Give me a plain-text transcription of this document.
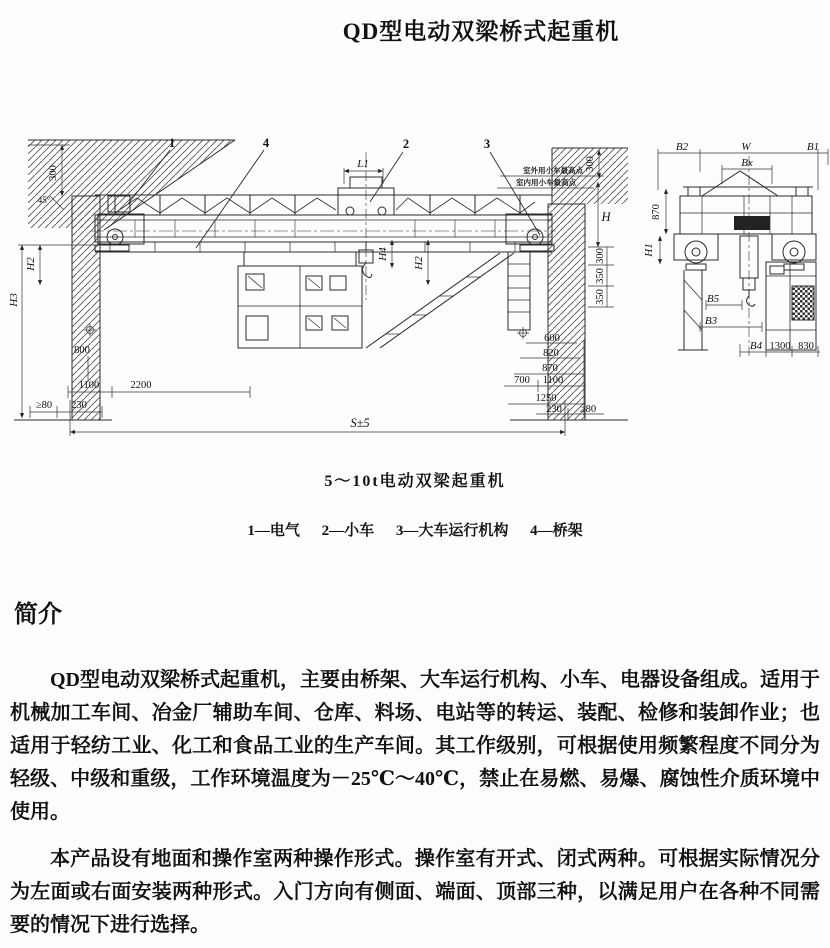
QD型电动双梁桥式起重机
1	4	2	3
L1
300
45°
H2
H3
H4
H2
800
1100	2200
≥80 230
S±5
室外用小车最高点
室内用小车最高点
300
H
300
350
350
600
820
870
700 1100
1250
230 ≥80
B2	W	B1
Bx
870
H1
B5
B3
B4 1300 830
5～10t电动双梁起重机
1—电气 2—小车 3—大车运行机构 4—桥架
简介

QD型电动双梁桥式起重机，主要由桥架、大车运行机构、小车、电器设备组成。适用于机械加工车间、冶金厂辅助车间、仓库、料场、电站等的转运、装配、检修和装卸作业；也适用于轻纺工业、化工和食品工业的生产车间。其工作级别，可根据使用频繁程度不同分为轻级、中级和重级，工作环境温度为－25℃～40℃，禁止在易燃、易爆、腐蚀性介质环境中使用。

本产品设有地面和操作室两种操作形式。操作室有开式、闭式两种。可根据实际情况分为左面或右面安装两种形式。入门方向有侧面、端面、顶部三种，以满足用户在各种不同需要的情况下进行选择。
